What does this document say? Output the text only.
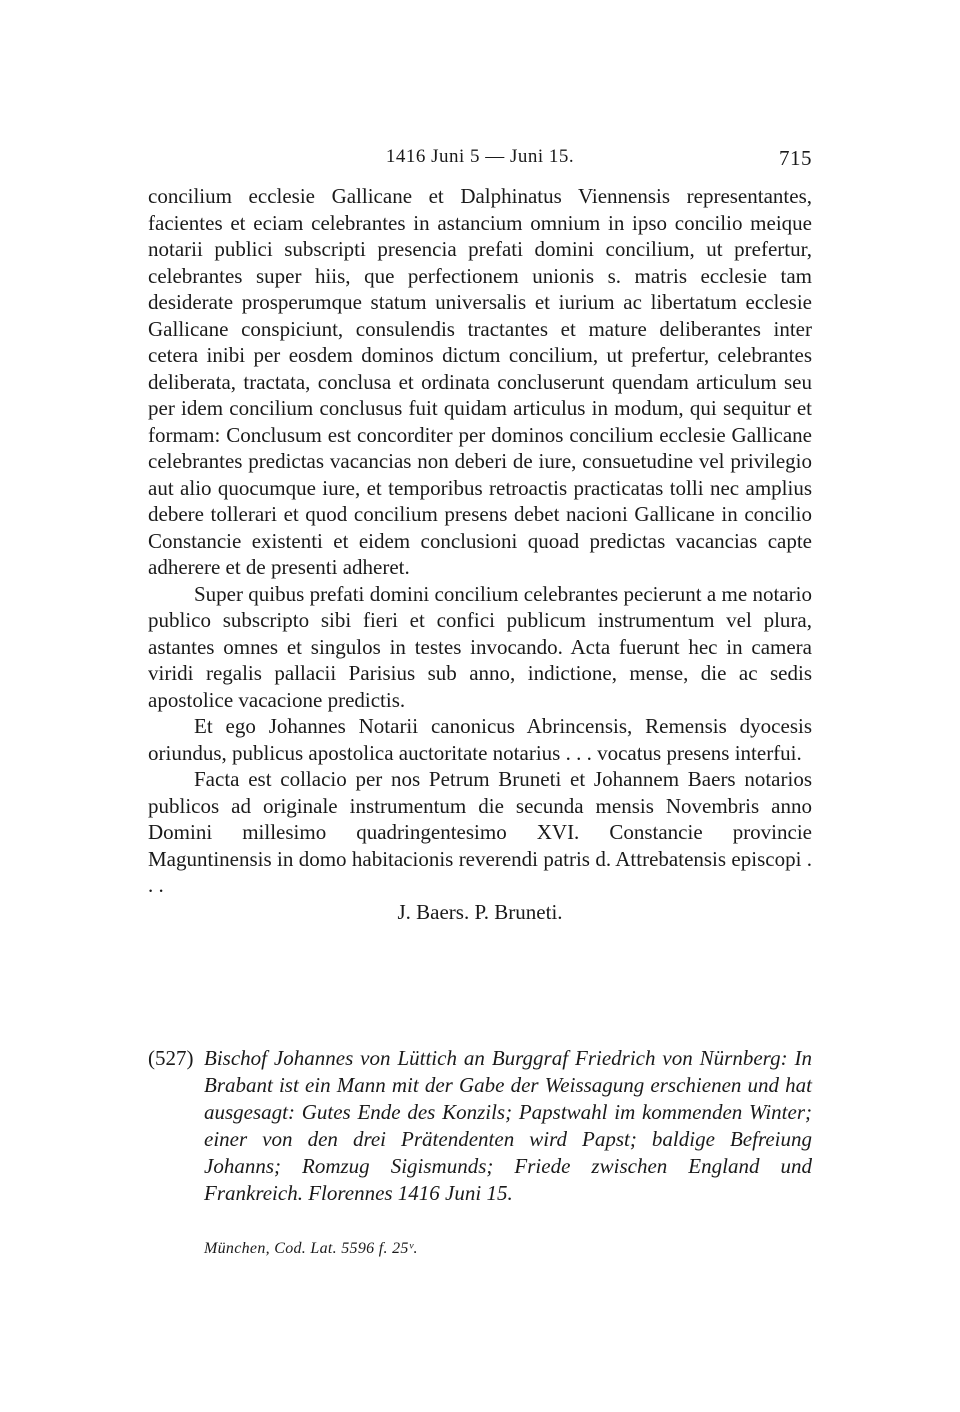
1416 Juni 5 — Juni 15.	715

concilium ecclesie Gallicane et Dalphinatus Viennensis representantes, facientes et eciam celebrantes in astancium omnium in ipso concilio meique notarii publici subscripti presencia prefati domini concilium, ut prefertur, celebrantes super hiis, que perfectionem unionis s. matris ecclesie tam desiderate prosperumque statum universalis et iurium ac libertatum ecclesie Gallicane conspiciunt, consulendis tractantes et mature deliberantes inter cetera inibi per eosdem dominos dictum concilium, ut prefertur, celebrantes deliberata, tractata, conclusa et ordinata concluserunt quendam articulum seu per idem concilium conclusus fuit quidam articulus in modum, qui sequitur et formam: Conclusum est concorditer per dominos concilium ecclesie Gallicane celebrantes predictas vacancias non deberi de iure, consuetudine vel privilegio aut alio quocumque iure, et temporibus retroactis practicatas tolli nec amplius debere tollerari et quod concilium presens debet nacioni Gallicane in concilio Constancie existenti et eidem conclusioni quoad predictas vacancias capte adherere et de presenti adheret.

Super quibus prefati domini concilium celebrantes pecierunt a me notario publico subscripto sibi fieri et confici publicum instrumentum vel plura, astantes omnes et singulos in testes invocando. Acta fuerunt hec in camera viridi regalis pallacii Parisius sub anno, indictione, mense, die ac sedis apostolice vacacione predictis.

Et ego Johannes Notarii canonicus Abrincensis, Remensis dyocesis oriundus, publicus apostolica auctoritate notarius . . . vocatus presens interfui.

Facta est collacio per nos Petrum Bruneti et Johannem Baers notarios publicos ad originale instrumentum die secunda mensis Novembris anno Domini millesimo quadringentesimo XVI. Constancie provincie Maguntinensis in domo habitacionis reverendi patris d. Attrebatensis episcopi . . .

J. Baers. P. Bruneti.

(527) Bischof Johannes von Lüttich an Burggraf Friedrich von Nürnberg: In Brabant ist ein Mann mit der Gabe der Weissagung erschienen und hat ausgesagt: Gutes Ende des Konzils; Papstwahl im kommenden Winter; einer von den drei Prätendenten wird Papst; baldige Befreiung Johanns; Romzug Sigismunds; Friede zwischen England und Frankreich. Florennes 1416 Juni 15.
München, Cod. Lat. 5596 f. 25ᵛ.
